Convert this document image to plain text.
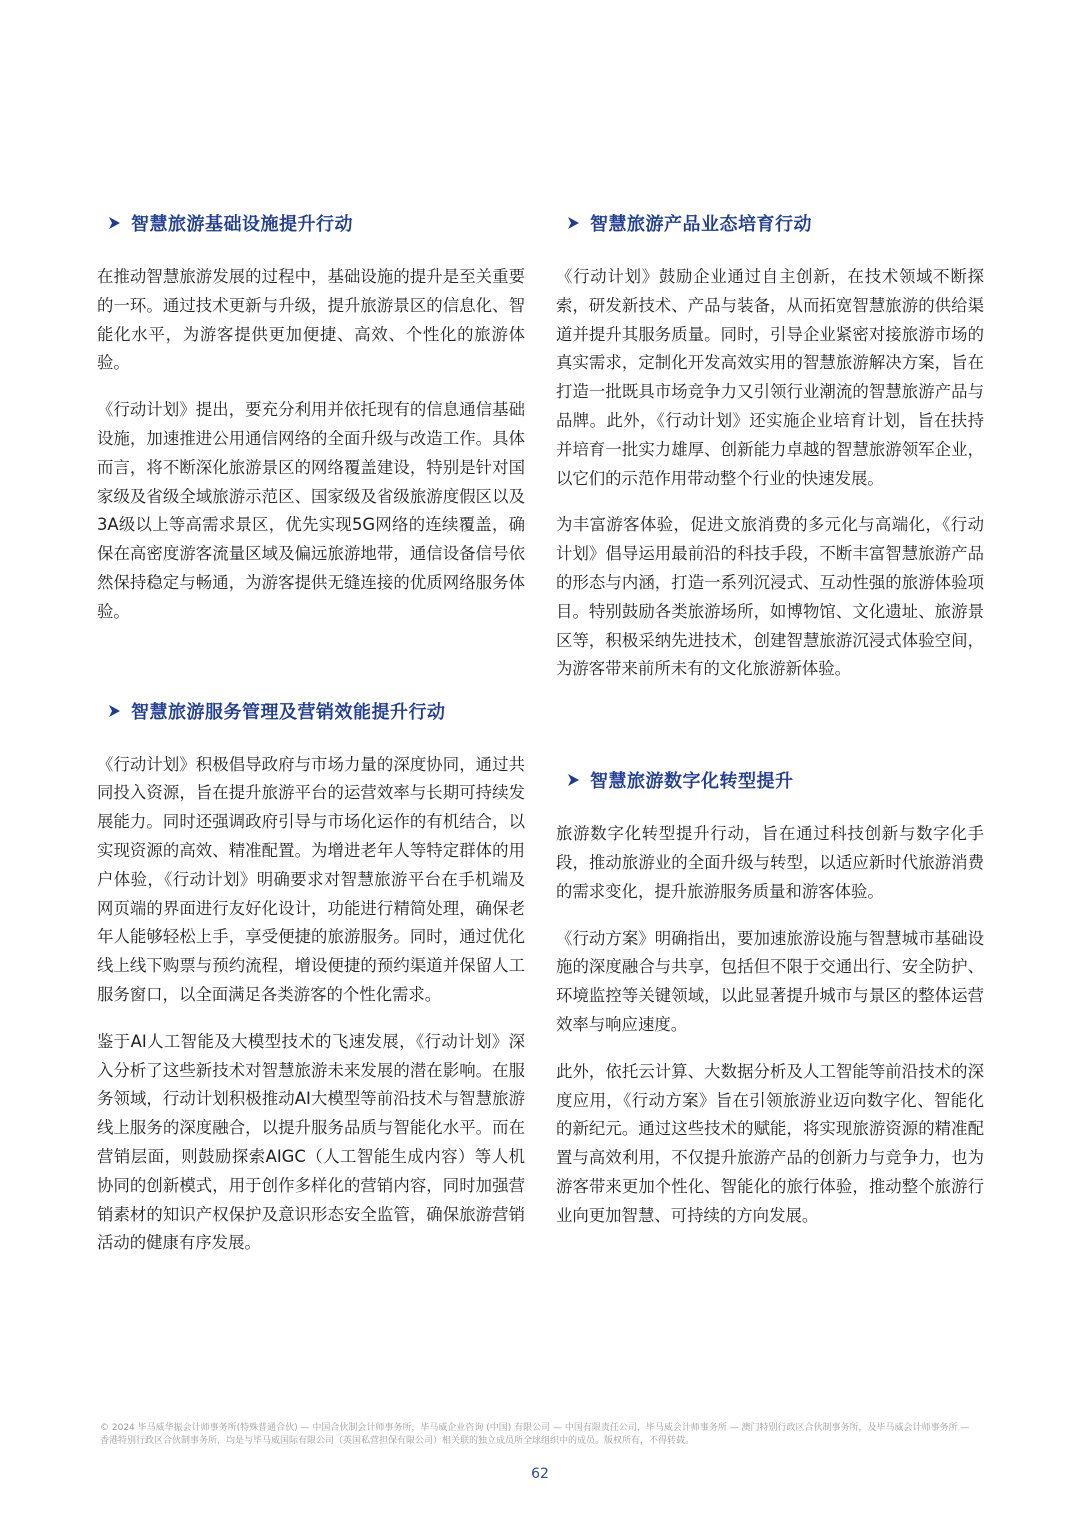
智慧旅游基础设施提升行动

在推动智慧旅游发展的过程中，基础设施的提升是至关重要的一环。通过技术更新与升级，提升旅游景区的信息化、智能化水平，为游客提供更加便捷、高效、个性化的旅游体验。

《行动计划》提出，要充分利用并依托现有的信息通信基础设施，加速推进公用通信网络的全面升级与改造工作。具体而言，将不断深化旅游景区的网络覆盖建设，特别是针对国家级及省级全域旅游示范区、国家级及省级旅游度假区以及3A级以上等高需求景区，优先实现5G网络的连续覆盖，确保在高密度游客流量区域及偏远旅游地带，通信设备信号依然保持稳定与畅通，为游客提供无缝连接的优质网络服务体验。

智慧旅游服务管理及营销效能提升行动

《行动计划》积极倡导政府与市场力量的深度协同，通过共同投入资源，旨在提升旅游平台的运营效率与长期可持续发展能力。同时还强调政府引导与市场化运作的有机结合，以实现资源的高效、精准配置。为增进老年人等特定群体的用户体验，《行动计划》明确要求对智慧旅游平台在手机端及网页端的界面进行友好化设计，功能进行精简处理，确保老年人能够轻松上手，享受便捷的旅游服务。同时，通过优化线上线下购票与预约流程，增设便捷的预约渠道并保留人工服务窗口，以全面满足各类游客的个性化需求。

鉴于AI人工智能及大模型技术的飞速发展，《行动计划》深入分析了这些新技术对智慧旅游未来发展的潜在影响。在服务领域，行动计划积极推动AI大模型等前沿技术与智慧旅游线上服务的深度融合，以提升服务品质与智能化水平。而在营销层面，则鼓励探索AIGC（人工智能生成内容）等人机协同的创新模式，用于创作多样化的营销内容，同时加强营销素材的知识产权保护及意识形态安全监管，确保旅游营销活动的健康有序发展。

智慧旅游产品业态培育行动

《行动计划》鼓励企业通过自主创新，在技术领域不断探索，研发新技术、产品与装备，从而拓宽智慧旅游的供给渠道并提升其服务质量。同时，引导企业紧密对接旅游市场的真实需求，定制化开发高效实用的智慧旅游解决方案，旨在打造一批既具市场竞争力又引领行业潮流的智慧旅游产品与品牌。此外，《行动计划》还实施企业培育计划，旨在扶持并培育一批实力雄厚、创新能力卓越的智慧旅游领军企业，以它们的示范作用带动整个行业的快速发展。

为丰富游客体验，促进文旅消费的多元化与高端化，《行动计划》倡导运用最前沿的科技手段，不断丰富智慧旅游产品的形态与内涵，打造一系列沉浸式、互动性强的旅游体验项目。特别鼓励各类旅游场所，如博物馆、文化遗址、旅游景区等，积极采纳先进技术，创建智慧旅游沉浸式体验空间，为游客带来前所未有的文化旅游新体验。

智慧旅游数字化转型提升

旅游数字化转型提升行动，旨在通过科技创新与数字化手段，推动旅游业的全面升级与转型，以适应新时代旅游消费的需求变化，提升旅游服务质量和游客体验。

《行动方案》明确指出，要加速旅游设施与智慧城市基础设施的深度融合与共享，包括但不限于交通出行、安全防护、环境监控等关键领域，以此显著提升城市与景区的整体运营效率与响应速度。

此外，依托云计算、大数据分析及人工智能等前沿技术的深度应用，《行动方案》旨在引领旅游业迈向数字化、智能化的新纪元。通过这些技术的赋能，将实现旅游资源的精准配置与高效利用，不仅提升旅游产品的创新力与竞争力，也为游客带来更加个性化、智能化的旅行体验，推动整个旅游行业向更加智慧、可持续的方向发展。

© 2024 毕马威华振会计师事务所(特殊普通合伙) — 中国合伙制会计师事务所，毕马威企业咨询 (中国) 有限公司 — 中国有限责任公司，毕马威会计师事务所 — 澳门特别行政区合伙制事务所，及毕马威会计师事务所 — 香港特别行政区合伙制事务所，均是与毕马威国际有限公司（英国私营担保有限公司）相关联的独立成员所全球组织中的成员。版权所有，不得转载。
62
